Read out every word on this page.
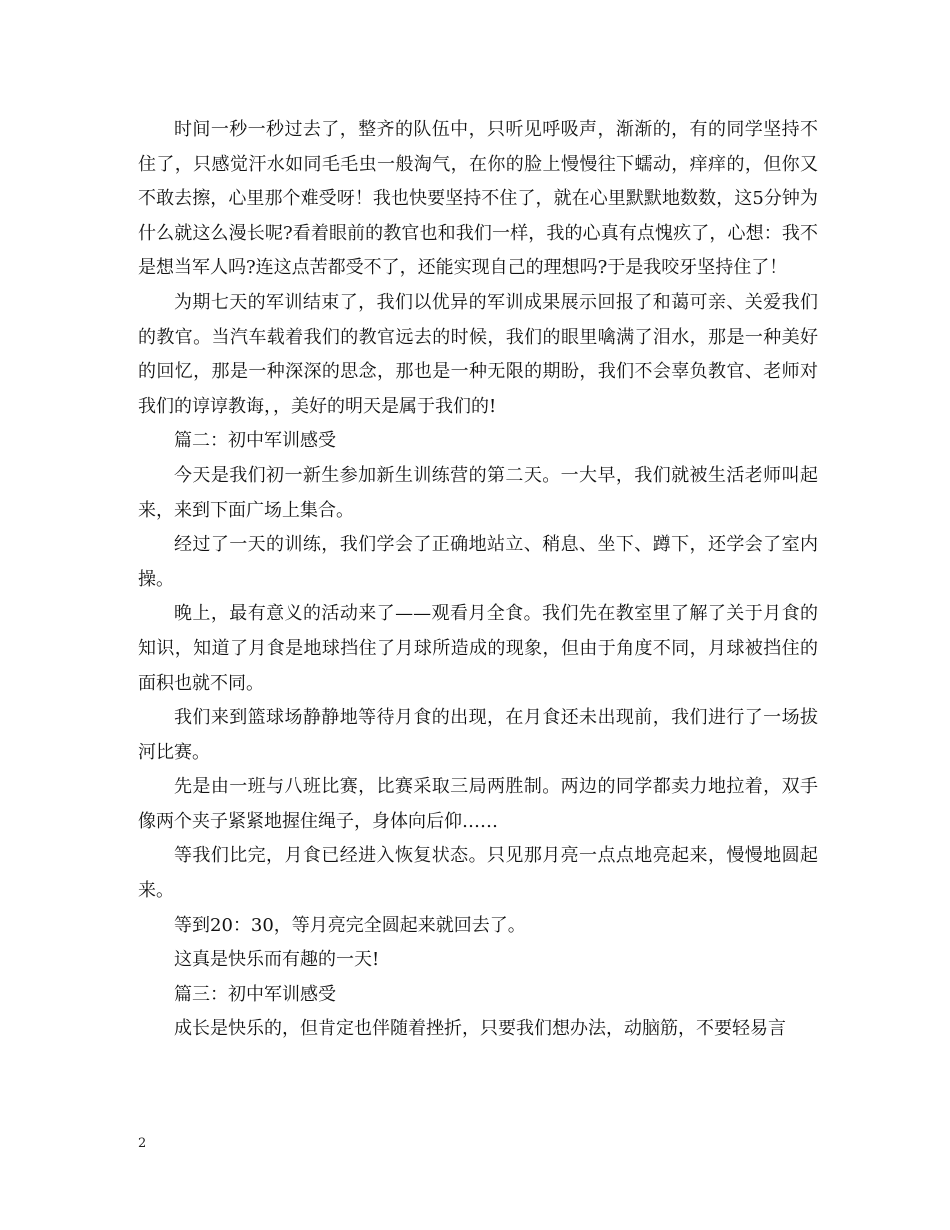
时间一秒一秒过去了，整齐的队伍中，只听见呼吸声，渐渐的，有的同学坚持不住了，只感觉汗水如同毛毛虫一般淘气，在你的脸上慢慢往下蠕动，痒痒的，但你又不敢去擦，心里那个难受呀！我也快要坚持不住了，就在心里默默地数数，这5分钟为什么就这么漫长呢?看着眼前的教官也和我们一样，我的心真有点愧疚了，心想：我不是想当军人吗?连这点苦都受不了，还能实现自己的理想吗?于是我咬牙坚持住了！

为期七天的军训结束了，我们以优异的军训成果展示回报了和蔼可亲、关爱我们的教官。当汽车载着我们的教官远去的时候，我们的眼里噙满了泪水，那是一种美好的回忆，那是一种深深的思念，那也是一种无限的期盼，我们不会辜负教官、老师对我们的谆谆教诲，，美好的明天是属于我们的!

篇二：初中军训感受

今天是我们初一新生参加新生训练营的第二天。一大早，我们就被生活老师叫起来，来到下面广场上集合。

经过了一天的训练，我们学会了正确地站立、稍息、坐下、蹲下，还学会了室内操。

晚上，最有意义的活动来了——观看月全食。我们先在教室里了解了关于月食的知识，知道了月食是地球挡住了月球所造成的现象，但由于角度不同，月球被挡住的面积也就不同。

我们来到篮球场静静地等待月食的出现，在月食还未出现前，我们进行了一场拔河比赛。

先是由一班与八班比赛，比赛采取三局两胜制。两边的同学都卖力地拉着，双手像两个夹子紧紧地握住绳子，身体向后仰……

等我们比完，月食已经进入恢复状态。只见那月亮一点点地亮起来，慢慢地圆起来。

等到20：30，等月亮完全圆起来就回去了。

这真是快乐而有趣的一天!

篇三：初中军训感受

成长是快乐的，但肯定也伴随着挫折，只要我们想办法，动脑筋，不要轻易言

2
